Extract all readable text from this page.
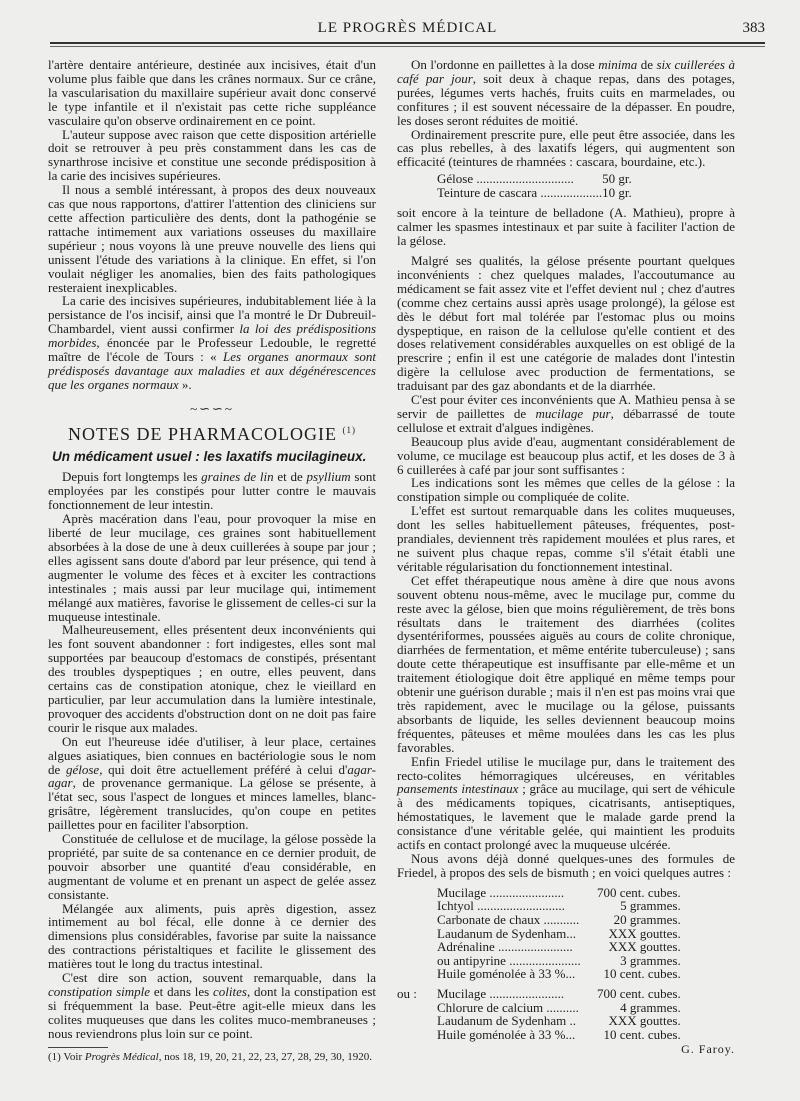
LE PROGRÈS MÉDICAL	383

l'artère dentaire antérieure, destinée aux incisives, était d'un volume plus faible que dans les crânes normaux. Sur ce crâne, la vascularisation du maxillaire supérieur avait donc conservé le type infantile et il n'existait pas cette riche suppléance vasculaire qu'on observe ordinairement en ce point.

L'auteur suppose avec raison que cette disposition artérielle doit se retrouver à peu près constamment dans les cas de synarthrose incisive et constitue une seconde prédisposition à la carie des incisives supérieures.

Il nous a semblé intéressant, à propos des deux nouveaux cas que nous rapportons, d'attirer l'attention des cliniciens sur cette affection particulière des dents, dont la pathogénie se rattache intimement aux variations osseuses du maxillaire supérieur ; nous voyons là une preuve nouvelle des liens qui unissent l'étude des variations à la clinique. En effet, si l'on voulait négliger les anomalies, bien des faits pathologiques resteraient inexplicables.

La carie des incisives supérieures, indubitablement liée à la persistance de l'os incisif, ainsi que l'a montré le Dr Dubreuil-Chambardel, vient aussi confirmer la loi des prédispositions morbides, énoncée par le Professeur Ledouble, le regretté maître de l'école de Tours : « Les organes anormaux sont prédisposés davantage aux maladies et aux dégénérescences que les organes normaux ».

~∽∽~
NOTES DE PHARMACOLOGIE $^{(1)}$
Un médicament usuel : les laxatifs mucilagineux.

Depuis fort longtemps les graines de lin et de psyllium sont employées par les constipés pour lutter contre le mauvais fonctionnement de leur intestin.

Après macération dans l'eau, pour provoquer la mise en liberté de leur mucilage, ces graines sont habituellement absorbées à la dose de une à deux cuillerées à soupe par jour ; elles agissent sans doute d'abord par leur présence, qui tend à augmenter le volume des fèces et à exciter les contractions intestinales ; mais aussi par leur mucilage qui, intimement mélangé aux matières, favorise le glissement de celles-ci sur la muqueuse intestinale.

Malheureusement, elles présentent deux inconvénients qui les font souvent abandonner : fort indigestes, elles sont mal supportées par beaucoup d'estomacs de constipés, présentant des troubles dyspeptiques ; en outre, elles peuvent, dans certains cas de constipation atonique, chez le vieillard en particulier, par leur accumulation dans la lumière intestinale, provoquer des accidents d'obstruction dont on ne doit pas faire courir le risque aux malades.

On eut l'heureuse idée d'utiliser, à leur place, certaines algues asiatiques, bien connues en bactériologie sous le nom de gélose, qui doit être actuellement préféré à celui d'agar-agar, de provenance germanique. La gélose se présente, à l'état sec, sous l'aspect de longues et minces lamelles, blanc-grisâtre, légèrement translucides, qu'on coupe en petites paillettes pour en faciliter l'absorption.

Constituée de cellulose et de mucilage, la gélose possède la propriété, par suite de sa contenance en ce dernier produit, de pouvoir absorber une quantité d'eau considérable, en augmentant de volume et en prenant un aspect de gelée assez consistante.

Mélangée aux aliments, puis après digestion, assez intimement au bol fécal, elle donne à ce dernier des dimensions plus considérables, favorise par suite la naissance des contractions péristaltiques et facilite le glissement des matières tout le long du tractus intestinal.

C'est dire son action, souvent remarquable, dans la constipation simple et dans les colites, dont la constipation est si fréquemment la base. Peut-être agit-elle mieux dans les colites muqueuses que dans les colites muco-membraneuses ; nous reviendrons plus loin sur ce point.

(1) Voir Progrès Médical, nos 18, 19, 20, 21, 22, 23, 27, 28, 29, 30, 1920.

On l'ordonne en paillettes à la dose minima de six cuillerées à café par jour, soit deux à chaque repas, dans des potages, purées, légumes verts hachés, fruits cuits en marmelades, ou confitures ; il est souvent nécessaire de la dépasser. En poudre, les doses seront réduites de moitié.

Ordinairement prescrite pure, elle peut être associée, dans les cas plus rebelles, à des laxatifs légers, qui augmentent son efficacité (teintures de rhamnées : cascara, bourdaine, etc.).

Gélose ..............................	50 gr.
Teinture de cascara ...................	10 gr.

soit encore à la teinture de belladone (A. Mathieu), propre à calmer les spasmes intestinaux et par suite à faciliter l'action de la gélose.

Malgré ses qualités, la gélose présente pourtant quelques inconvénients : chez quelques malades, l'accoutumance au médicament se fait assez vite et l'effet devient nul ; chez d'autres (comme chez certains aussi après usage prolongé), la gélose est dès le début fort mal tolérée par l'estomac plus ou moins dyspeptique, en raison de la cellulose qu'elle contient et des doses relativement considérables auxquelles on est obligé de la prescrire ; enfin il est une catégorie de malades dont l'intestin digère la cellulose avec production de fermentations, se traduisant par des gaz abondants et de la diarrhée.

C'est pour éviter ces inconvénients que A. Mathieu pensa à se servir de paillettes de mucilage pur, débarrassé de toute cellulose et extrait d'algues indigènes.

Beaucoup plus avide d'eau, augmentant considérablement de volume, ce mucilage est beaucoup plus actif, et les doses de 3 à 6 cuillerées à café par jour sont suffisantes :

Les indications sont les mêmes que celles de la gélose : la constipation simple ou compliquée de colite.

L'effet est surtout remarquable dans les colites muqueuses, dont les selles habituellement pâteuses, fréquentes, post-prandiales, deviennent très rapidement moulées et plus rares, et ne suivent plus chaque repas, comme s'il s'était établi une véritable régularisation du fonctionnement intestinal.

Cet effet thérapeutique nous amène à dire que nous avons souvent obtenu nous-même, avec le mucilage pur, comme du reste avec la gélose, bien que moins régulièrement, de très bons résultats dans le traitement des diarrhées (colites dysentériformes, poussées aiguës au cours de colite chronique, diarrhées de fermentation, et même entérite tuberculeuse) ; sans doute cette thérapeutique est insuffisante par elle-même et un traitement étiologique doit être appliqué en même temps pour obtenir une guérison durable ; mais il n'en est pas moins vrai que très rapidement, avec le mucilage ou la gélose, puissants absorbants de liquide, les selles deviennent beaucoup moins fréquentes, pâteuses et même moulées dans les cas les plus favorables.

Enfin Friedel utilise le mucilage pur, dans le traitement des recto-colites hémorragiques ulcéreuses, en véritables pansements intestinaux ; grâce au mucilage, qui sert de véhicule à des médicaments topiques, cicatrisants, antiseptiques, hémostatiques, le lavement que le malade garde prend la consistance d'une véritable gelée, qui maintient les produits actifs en contact prolongé avec la muqueuse ulcérée.

Nous avons déjà donné quelques-unes des formules de Friedel, à propos des sels de bismuth ; en voici quelques autres :

	Mucilage .......................	700 cent. cubes.
	Ichtyol ...........................	5 grammes.
	Carbonate de chaux ...........	20 grammes.
	Laudanum de Sydenham...	XXX gouttes.
	Adrénaline .......................	XXX gouttes.
	ou antipyrine ......................	3 grammes.
	Huile goménolée à 33 %...	10 cent. cubes.

ou :	Mucilage .......................	700 cent. cubes.
	Chlorure de calcium ..........	4 grammes.
	Laudanum de Sydenham ..	XXX gouttes.
	Huile goménolée à 33 %...	10 cent. cubes.
G. Faroy.
